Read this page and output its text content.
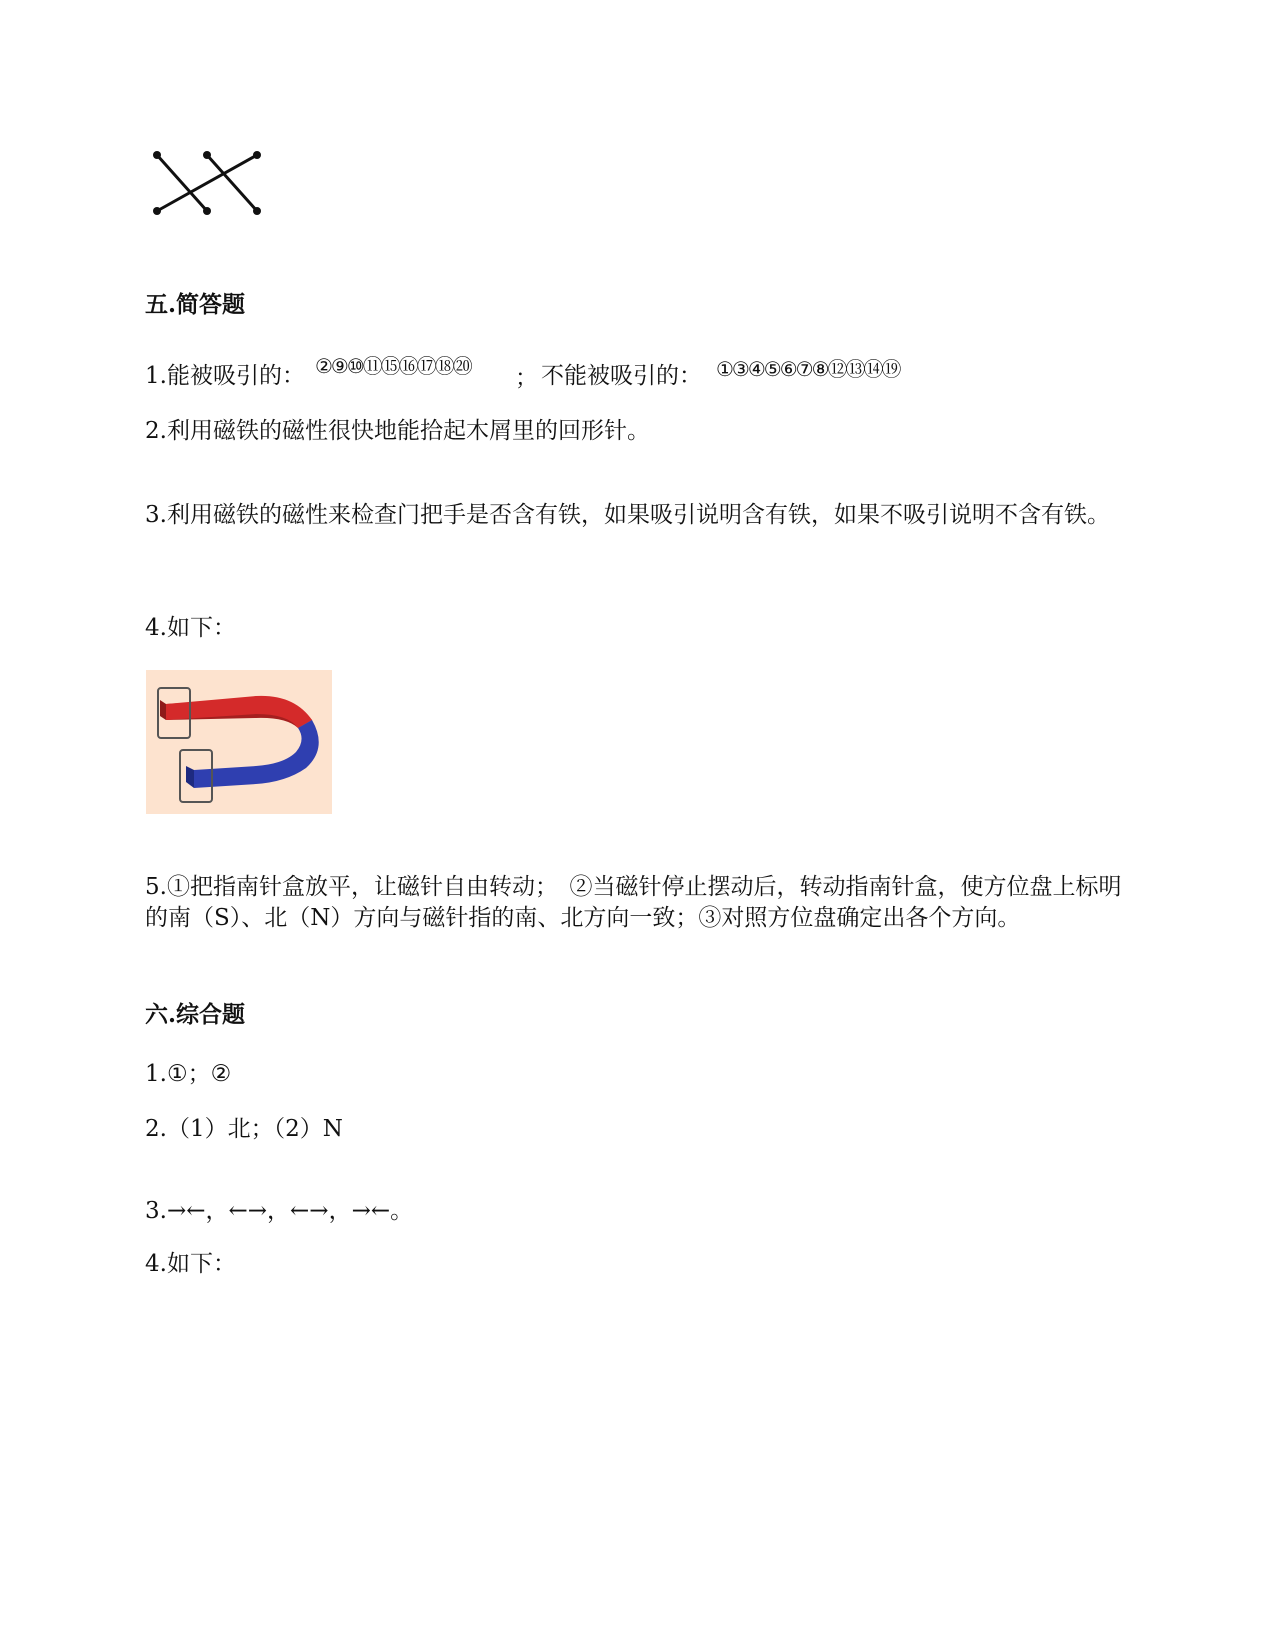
五.简答题
1.能被吸引的： ②⑨⑩⑪⑮⑯⑰⑱⑳ ； 不能被吸引的： ①③④⑤⑥⑦⑧⑫⑬⑭⑲
2.利用磁铁的磁性很快地能拾起木屑里的回形针。
3.利用磁铁的磁性来检查门把手是否含有铁，如果吸引说明含有铁，如果不吸引说明不含有铁。
4.如下：
5.①把指南针盒放平，让磁针自由转动；　②当磁针停止摆动后，转动指南针盒，使方位盘上标明的南（S）、北（N）方向与磁针指的南、北方向一致；③对照方位盘确定出各个方向。
六.综合题
1.①；②
2.（1）北；（2）N
3.→←，←→，←→，→←。
4.如下：
